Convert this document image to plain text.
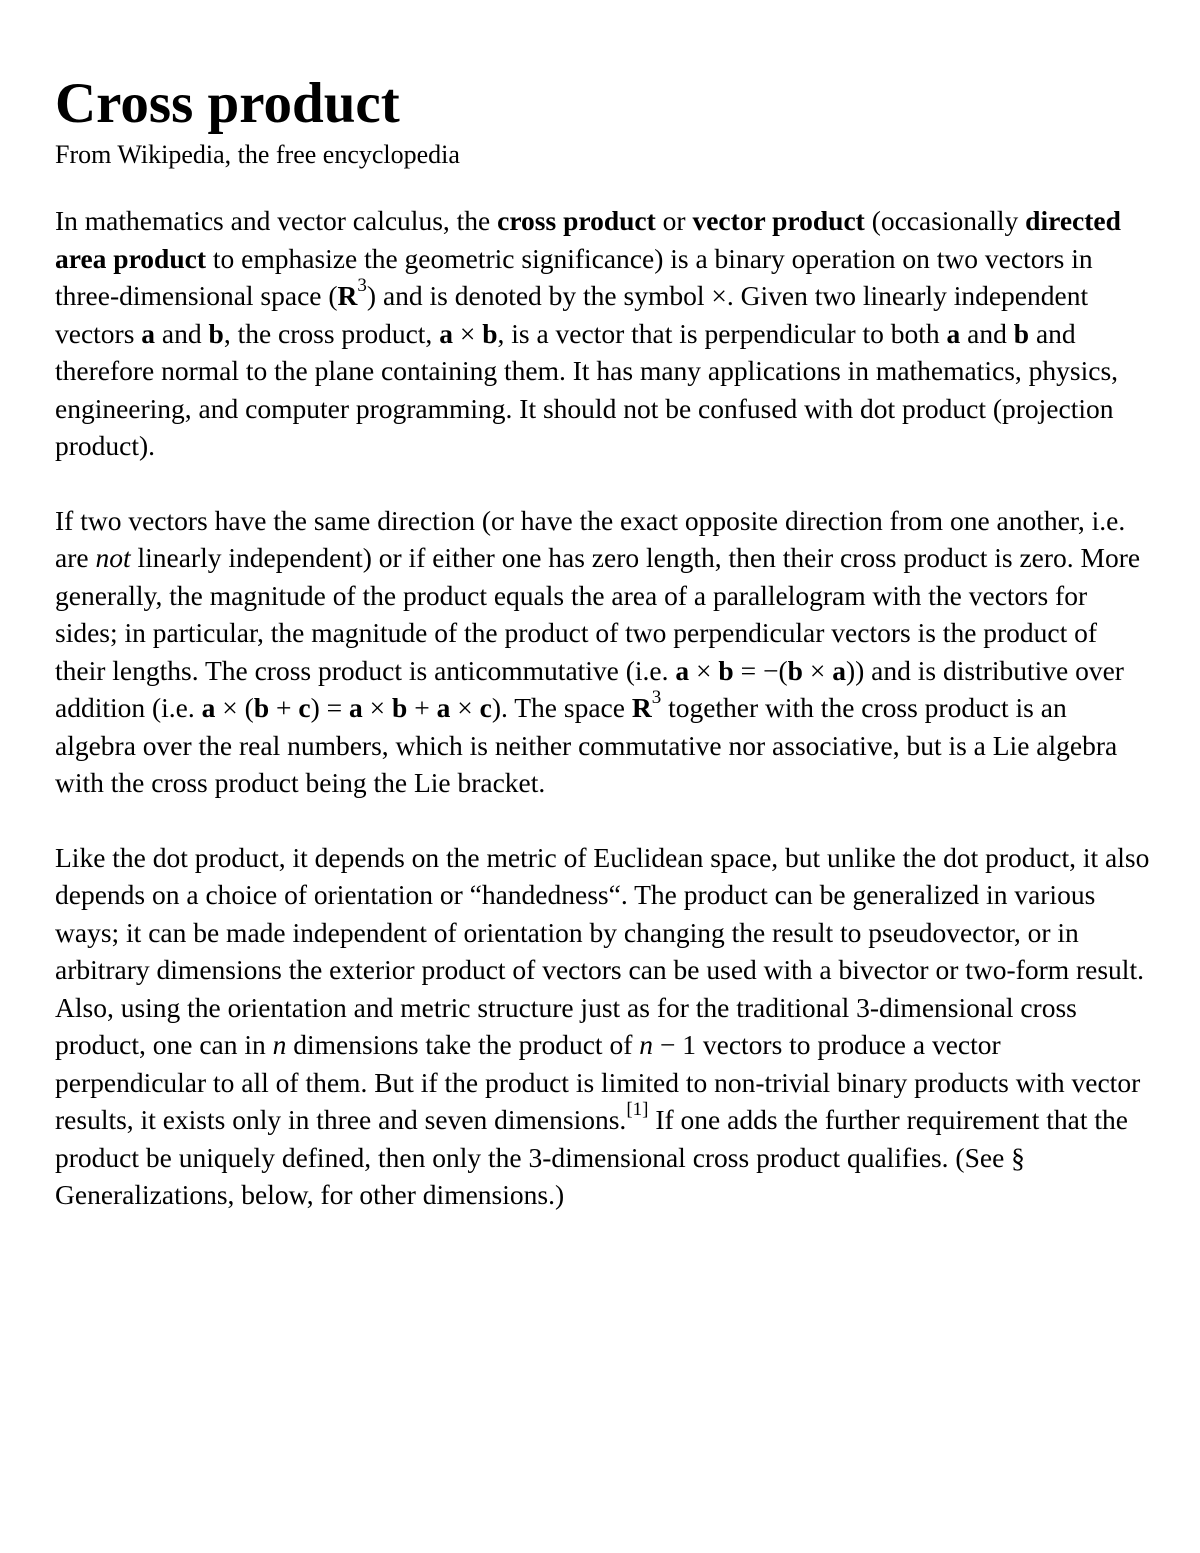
Cross product

From Wikipedia, the free encyclopedia

In mathematics and vector calculus, the cross product or vector product (occasionally directed area product to emphasize the geometric significance) is a binary operation on two vectors in three-dimensional space $(R^3)$ and is denoted by the symbol ×. Given two linearly independent vectors a and b, the cross product, a × b, is a vector that is perpendicular to both a and b and therefore normal to the plane containing them. It has many applications in mathematics, physics, engineering, and computer programming. It should not be confused with dot product (projection product).

If two vectors have the same direction (or have the exact opposite direction from one another, i.e. are not linearly independent) or if either one has zero length, then their cross product is zero. More generally, the magnitude of the product equals the area of a parallelogram with the vectors for sides; in particular, the magnitude of the product of two perpendicular vectors is the product of their lengths. The cross product is anticommutative (i.e. a × b = −(b × a)) and is distributive over addition (i.e. a × (b + c) = a × b + a × c). The space $R^3$ together with the cross product is an algebra over the real numbers, which is neither commutative nor associative, but is a Lie algebra with the cross product being the Lie bracket.

Like the dot product, it depends on the metric of Euclidean space, but unlike the dot product, it also depends on a choice of orientation or “handedness“. The product can be generalized in various ways; it can be made independent of orientation by changing the result to pseudovector, or in arbitrary dimensions the exterior product of vectors can be used with a bivector or two-form result. Also, using the orientation and metric structure just as for the traditional 3-dimensional cross product, one can in n dimensions take the product of n − 1 vectors to produce a vector perpendicular to all of them. But if the product is limited to non-trivial binary products with vector results, it exists only in three and seven dimensions.[1] If one adds the further requirement that the product be uniquely defined, then only the 3-dimensional cross product qualifies. (See § Generalizations, below, for other dimensions.)
